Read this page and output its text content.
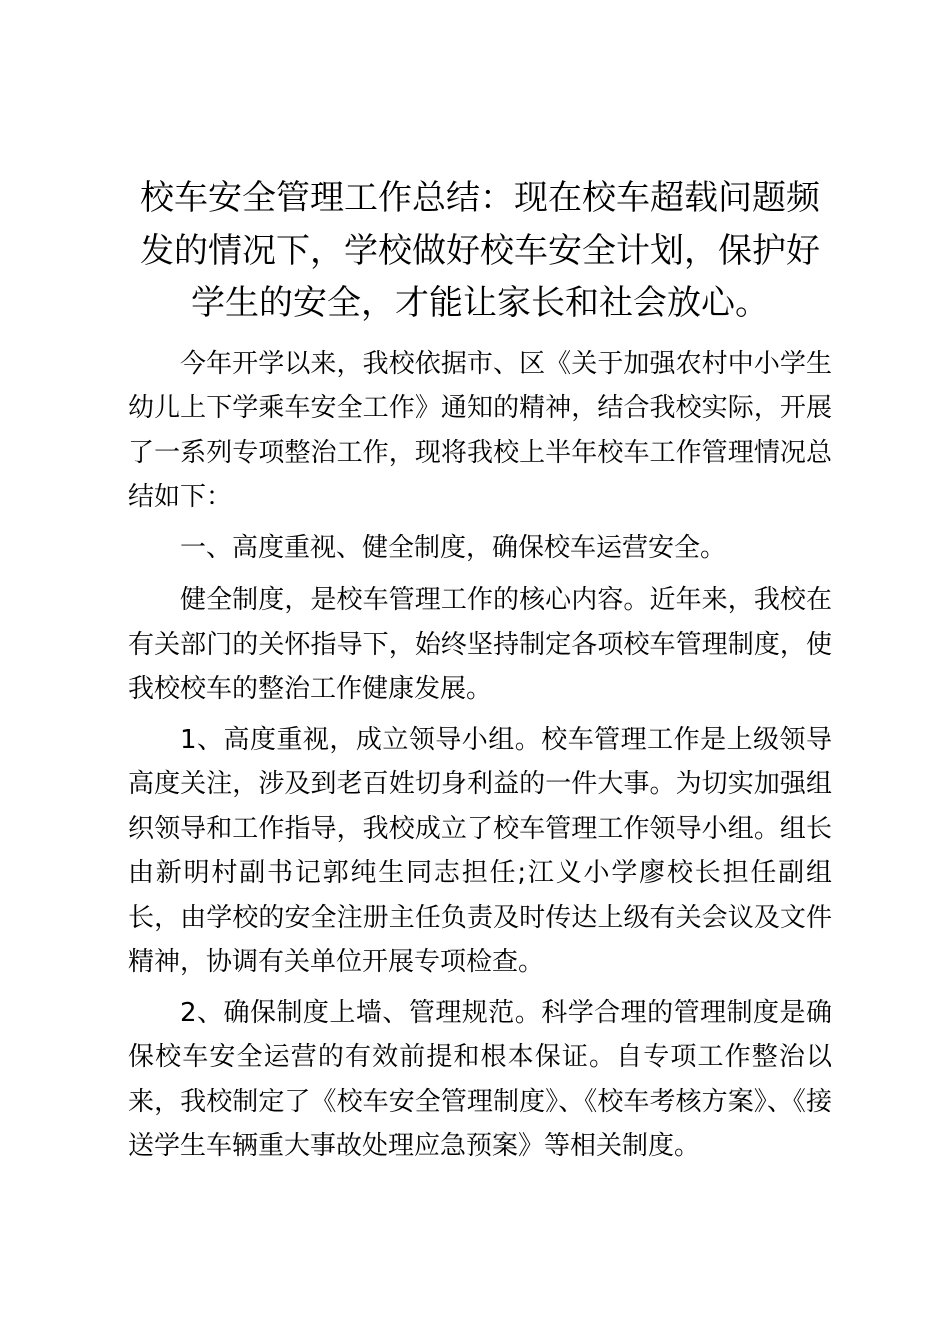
校车安全管理工作总结：现在校车超载问题频
发的情况下，学校做好校车安全计划，保护好
学生的安全，才能让家长和社会放心。

今年开学以来，我校依据市、区《关于加强农村中小学生幼儿上下学乘车安全工作》通知的精神，结合我校实际，开展了一系列专项整治工作，现将我校上半年校车工作管理情况总结如下：

一、高度重视、健全制度，确保校车运营安全。

健全制度，是校车管理工作的核心内容。近年来，我校在有关部门的关怀指导下，始终坚持制定各项校车管理制度，使我校校车的整治工作健康发展。

1、高度重视，成立领导小组。校车管理工作是上级领导高度关注，涉及到老百姓切身利益的一件大事。为切实加强组织领导和工作指导，我校成立了校车管理工作领导小组。组长由新明村副书记郭纯生同志担任;江义小学廖校长担任副组长，由学校的安全注册主任负责及时传达上级有关会议及文件精神，协调有关单位开展专项检查。

2、确保制度上墙、管理规范。科学合理的管理制度是确保校车安全运营的有效前提和根本保证。自专项工作整治以来，我校制定了《校车安全管理制度》、《校车考核方案》、《接送学生车辆重大事故处理应急预案》等相关制度。
